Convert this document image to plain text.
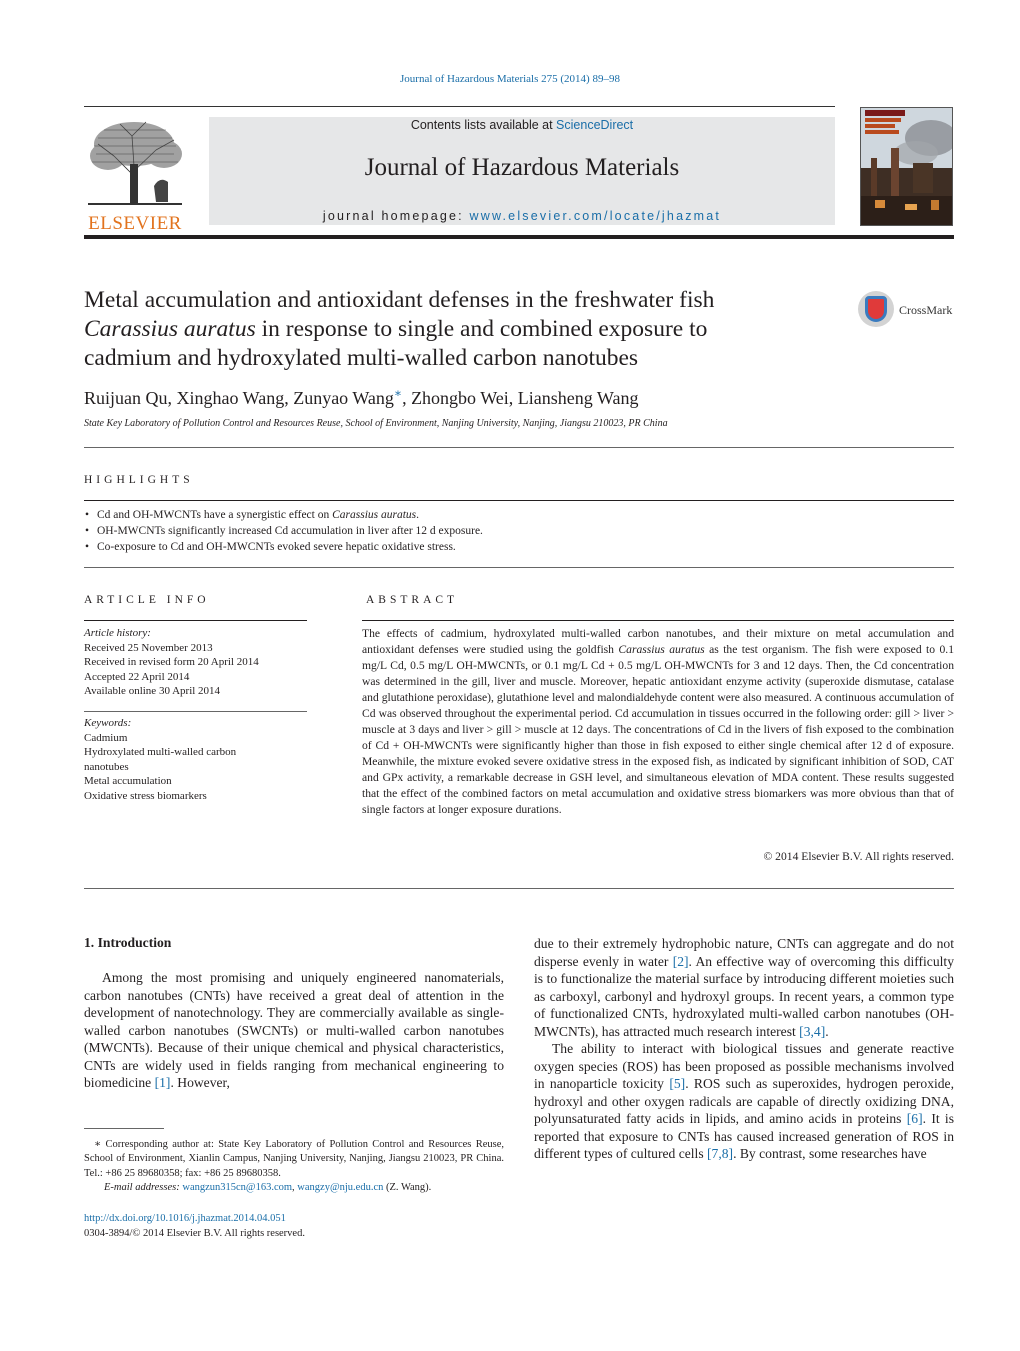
Journal of Hazardous Materials 275 (2014) 89–98
ELSEVIER
Contents lists available at ScienceDirect
Journal of Hazardous Materials
journal homepage: www.elsevier.com/locate/jhazmat
Metal accumulation and antioxidant defenses in the freshwater fish
Carassius auratus in response to single and combined exposure to
cadmium and hydroxylated multi-walled carbon nanotubes
CrossMark
Ruijuan Qu, Xinghao Wang, Zunyao Wang∗, Zhongbo Wei, Liansheng Wang
State Key Laboratory of Pollution Control and Resources Reuse, School of Environment, Nanjing University, Nanjing, Jiangsu 210023, PR China
HIGHLIGHTS
• Cd and OH-MWCNTs have a synergistic effect on Carassius auratus.
• OH-MWCNTs significantly increased Cd accumulation in liver after 12 d exposure.
• Co-exposure to Cd and OH-MWCNTs evoked severe hepatic oxidative stress.
ARTICLE INFO
Article history:
Received 25 November 2013
Received in revised form 20 April 2014
Accepted 22 April 2014
Available online 30 April 2014
Keywords:
Cadmium
Hydroxylated multi-walled carbon
nanotubes
Metal accumulation
Oxidative stress biomarkers
ABSTRACT
The effects of cadmium, hydroxylated multi-walled carbon nanotubes, and their mixture on metal accumulation and antioxidant defenses were studied using the goldfish Carassius auratus as the test organism. The fish were exposed to 0.1 mg/L Cd, 0.5 mg/L OH-MWCNTs, or 0.1 mg/L Cd + 0.5 mg/L OH-MWCNTs for 3 and 12 days. Then, the Cd concentration was determined in the gill, liver and muscle. Moreover, hepatic antioxidant enzyme activity (superoxide dismutase, catalase and glutathione peroxidase), glutathione level and malondialdehyde content were also measured. A continuous accumulation of Cd was observed throughout the experimental period. Cd accumulation in tissues occurred in the following order: gill > liver > muscle at 3 days and liver > gill > muscle at 12 days. The concentrations of Cd in the livers of fish exposed to the combination of Cd + OH-MWCNTs were significantly higher than those in fish exposed to either single chemical after 12 d of exposure. Meanwhile, the mixture evoked severe oxidative stress in the exposed fish, as indicated by significant inhibition of SOD, CAT and GPx activity, a remarkable decrease in GSH level, and simultaneous elevation of MDA content. These results suggested that the effect of the combined factors on metal accumulation and oxidative stress biomarkers was more obvious than that of single factors at longer exposure durations.
© 2014 Elsevier B.V. All rights reserved.
1. Introduction

Among the most promising and uniquely engineered nanomaterials, carbon nanotubes (CNTs) have received a great deal of attention in the development of nanotechnology. They are commercially available as single-walled carbon nanotubes (SWCNTs) or multi-walled carbon nanotubes (MWCNTs). Because of their unique chemical and physical characteristics, CNTs are widely used in fields ranging from mechanical engineering to biomedicine [1]. However,

due to their extremely hydrophobic nature, CNTs can aggregate and do not disperse evenly in water [2]. An effective way of overcoming this difficulty is to functionalize the material surface by introducing different moieties such as carboxyl, carbonyl and hydroxyl groups. In recent years, a common type of functionalized CNTs, hydroxylated multi-walled carbon nanotubes (OH-MWCNTs), has attracted much research interest [3,4].

The ability to interact with biological tissues and generate reactive oxygen species (ROS) has been proposed as possible mechanisms involved in nanoparticle toxicity [5]. ROS such as superoxides, hydrogen peroxide, hydroxyl and other oxygen radicals are capable of directly oxidizing DNA, polyunsaturated fatty acids in lipids, and amino acids in proteins [6]. It is reported that exposure to CNTs has caused increased generation of ROS in different types of cultured cells [7,8]. By contrast, some researches have

∗ Corresponding author at: State Key Laboratory of Pollution Control and Resources Reuse, School of Environment, Xianlin Campus, Nanjing University, Nanjing, Jiangsu 210023, PR China. Tel.: +86 25 89680358; fax: +86 25 89680358.
E-mail addresses: wangzun315cn@163.com, wangzy@nju.edu.cn (Z. Wang).
http://dx.doi.org/10.1016/j.jhazmat.2014.04.051
0304-3894/© 2014 Elsevier B.V. All rights reserved.
